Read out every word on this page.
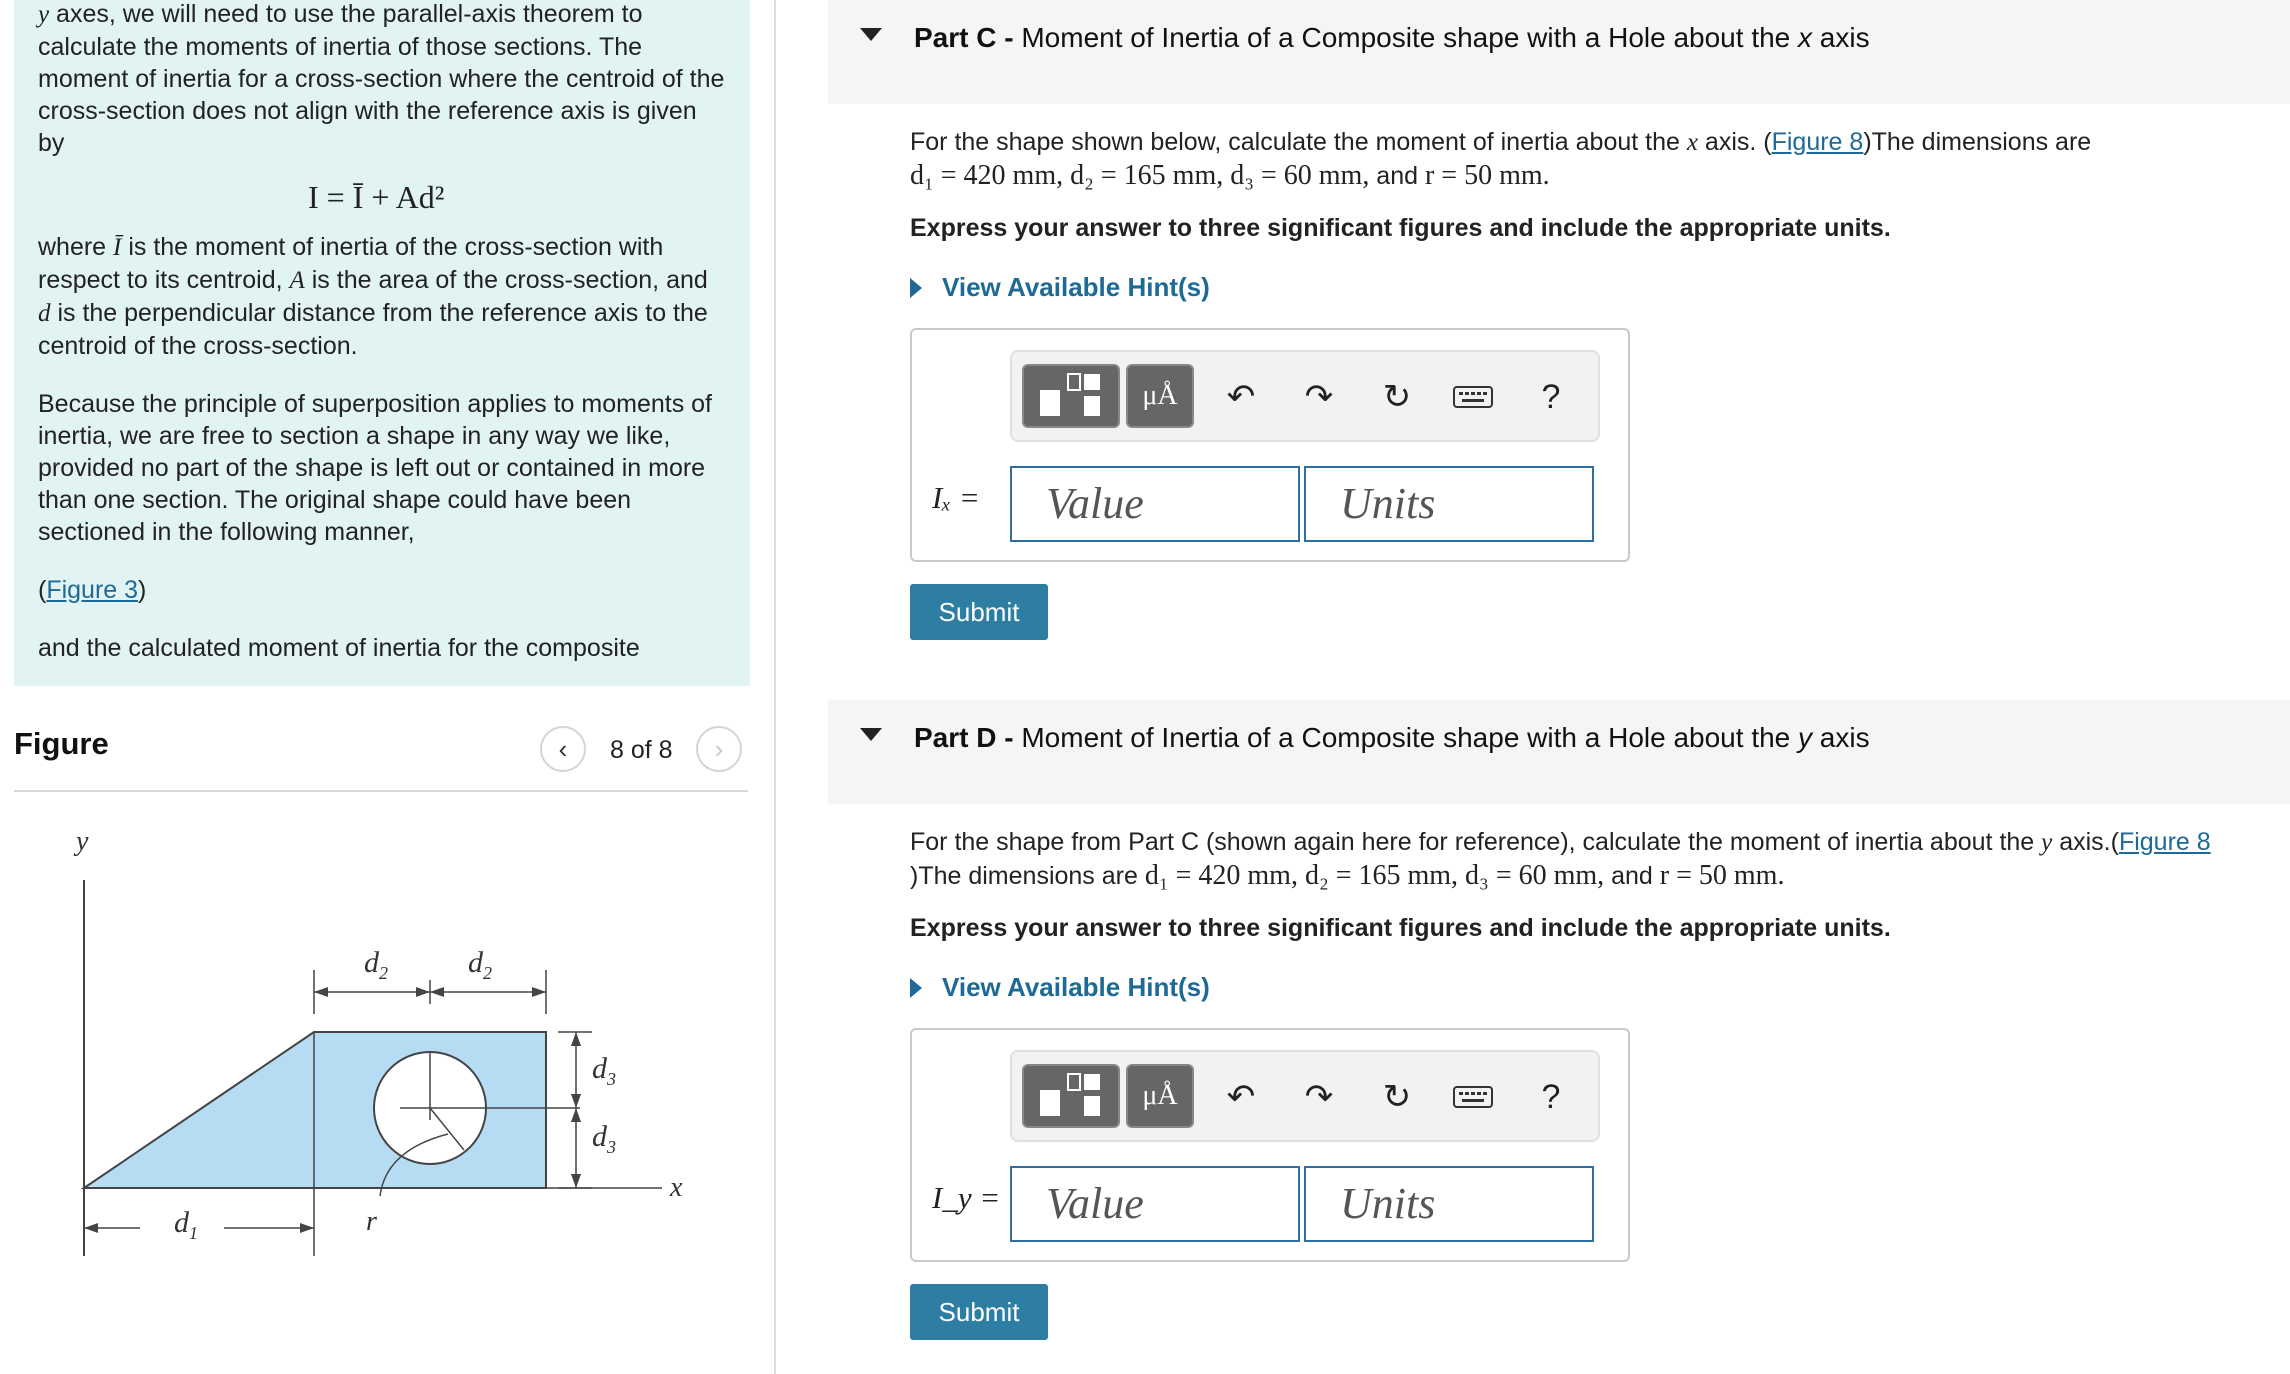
y axes, we will need to use the parallel-axis theorem to calculate the moments of inertia of those sections. The moment of inertia for a cross-section where the centroid of the cross-section does not align with the reference axis is given by

I = Ī + Ad²

where Ī is the moment of inertia of the cross-section with respect to its centroid, A is the area of the cross-section, and d is the perpendicular distance from the reference axis to the centroid of the cross-section.

Because the principle of superposition applies to moments of inertia, we are free to section a shape in any way we like, provided no part of the shape is left out or contained in more than one section. The original shape could have been sectioned in the following manner,

(Figure 3)

and the calculated moment of inertia for the composite

Figure	‹ 8 of 8 ›
y
x
$d_1$	r
$d_2$	$d_2$
$d_3$
$d_3$
Part C - Moment of Inertia of a Composite shape with a Hole about the x axis
For the shape shown below, calculate the moment of inertia about the x axis. (Figure 8)The dimensions are
d₁ = 420 mm, d₂ = 165 mm, d₃ = 60 mm, and r = 50 mm.
Express your answer to three significant figures and include the appropriate units.
View Available Hint(s)
μÅ	↶ ↷ ↻	?
Iₓ =	Value	Units
Submit
Part D - Moment of Inertia of a Composite shape with a Hole about the y axis
For the shape from Part C (shown again here for reference), calculate the moment of inertia about the y axis.(Figure 8
)The dimensions are d₁ = 420 mm, d₂ = 165 mm, d₃ = 60 mm, and r = 50 mm.
Express your answer to three significant figures and include the appropriate units.
View Available Hint(s)
μÅ	↶ ↷ ↻	?
I_y =	Value	Units
Submit
